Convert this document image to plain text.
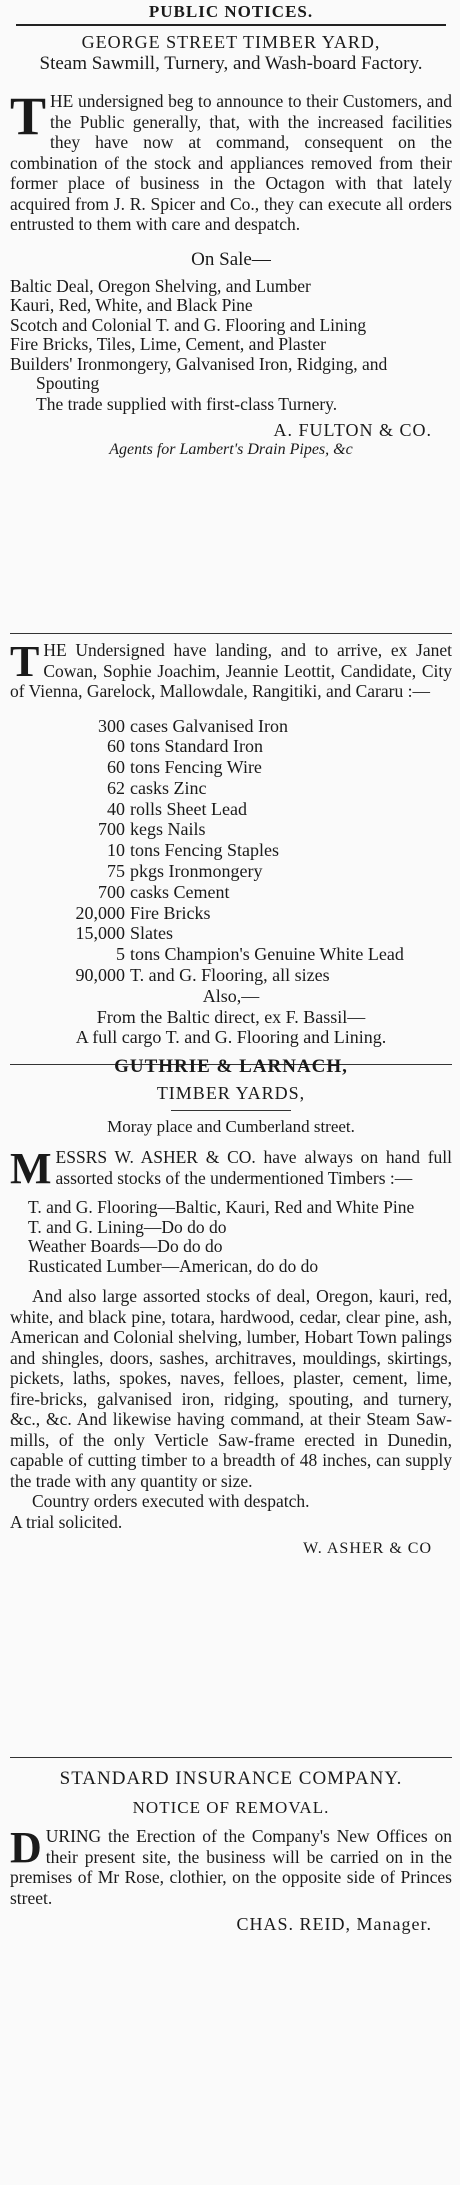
PUBLIC NOTICES.
GEORGE STREET TIMBER YARD,
Steam Sawmill, Turnery, and Wash-board Factory.
T HE undersigned beg to announce to their Customers, and the Public generally, that, with the increased facilities they have now at command, consequent on the combination of the stock and appliances removed from their former place of business in the Octagon with that lately acquired from J. R. Spicer and Co., they can execute all orders entrusted to them with care and despatch.

On Sale—

Baltic Deal, Oregon Shelving, and Lumber

Kauri, Red, White, and Black Pine

Scotch and Colonial T. and G. Flooring and Lining

Fire Bricks, Tiles, Lime, Cement, and Plaster

Builders' Ironmongery, Galvanised Iron, Ridging, and Spouting

The trade supplied with first-class Turnery.

A. FULTON & CO.
Agents for Lambert's Drain Pipes, &c
T HE Undersigned have landing, and to arrive, ex Janet Cowan, Sophie Joachim, Jeannie Leottit, Candidate, City of Vienna, Garelock, Mallowdale, Rangitiki, and Cararu :—

300 cases Galvanised Iron
60 tons Standard Iron
60 tons Fencing Wire
62 casks Zinc
40 rolls Sheet Lead
700 kegs Nails
10 tons Fencing Staples
75 pkgs Ironmongery
700 casks Cement
20,000 Fire Bricks
15,000 Slates
5 tons Champion's Genuine White Lead
90,000 T. and G. Flooring, all sizes
Also,—
From the Baltic direct, ex F. Bassil—
A full cargo T. and G. Flooring and Lining.
GUTHRIE & LARNACH,
TIMBER YARDS,
Moray place and Cumberland street.
M ESSRS W. ASHER & CO. have always on hand full assorted stocks of the undermentioned Timbers :—

T. and G. Flooring—Baltic, Kauri, Red and White Pine

T. and G. Lining—Do do do

Weather Boards—Do do do

Rusticated Lumber—American, do do do

And also large assorted stocks of deal, Oregon, kauri, red, white, and black pine, totara, hardwood, cedar, clear pine, ash, American and Colonial shelving, lumber, Hobart Town palings and shingles, doors, sashes, architraves, mouldings, skirtings, pickets, laths, spokes, naves, felloes, plaster, cement, lime, fire-bricks, galvanised iron, ridging, spouting, and turnery, &c., &c. And likewise having command, at their Steam Saw-mills, of the only Verticle Saw-frame erected in Dunedin, capable of cutting timber to a breadth of 48 inches, can supply the trade with any quantity or size.

Country orders executed with despatch.

A trial solicited.

W. ASHER & CO
STANDARD INSURANCE COMPANY.
NOTICE OF REMOVAL.
D URING the Erection of the Company's New Offices on their present site, the business will be carried on in the premises of Mr Rose, clothier, on the opposite side of Princes street.

CHAS. REID, Manager.
